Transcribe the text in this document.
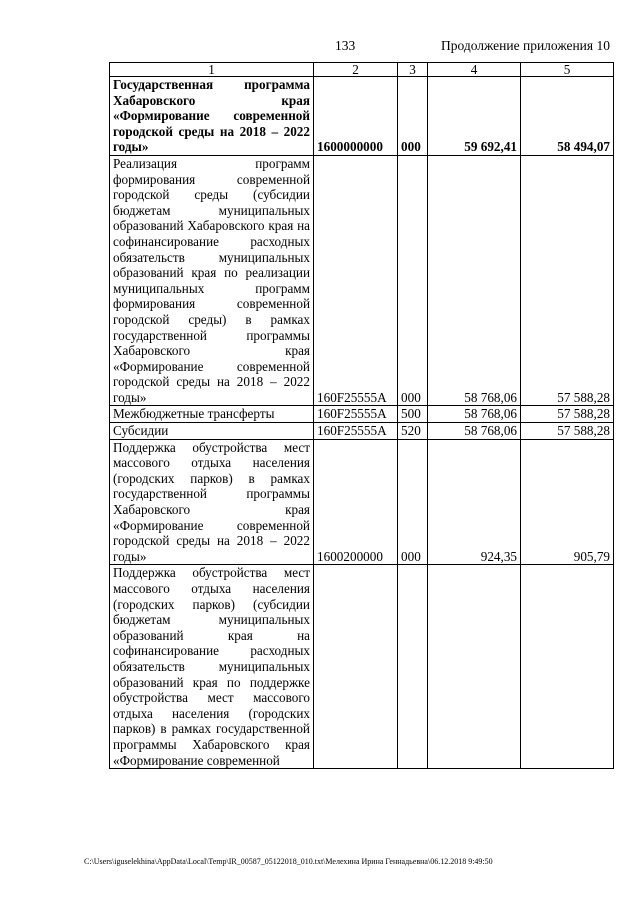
133	Продолжение приложения 10
1	2	3	4	5
Государственная программа Хабаровского края «Формирование современной городской среды на 2018 – 2022 годы»	1600000000	000	59 692,41	58 494,07
Реализация программ формирования современной городской среды (субсидии бюджетам муниципальных образований Хабаровского края на софинансирование расходных обязательств муниципальных образований края по реализации муниципальных программ формирования современной городской среды) в рамках государственной программы Хабаровского края «Формирование современной городской среды на 2018 – 2022 годы»	160F25555А	000	58 768,06	57 588,28
Межбюджетные трансферты	160F25555А	500	58 768,06	57 588,28
Субсидии	160F25555А	520	58 768,06	57 588,28
Поддержка обустройства мест массового отдыха населения (городских парков) в рамках государственной программы Хабаровского края «Формирование современной городской среды на 2018 – 2022 годы»	1600200000	000	924,35	905,79
Поддержка обустройства мест массового отдыха населения (городских парков) (субсидии бюджетам муниципальных образований края на софинансирование расходных обязательств муниципальных образований края по поддержке обустройства мест массового отдыха населения (городских парков) в рамках государственной программы Хабаровского края «Формирование современной				
C:\Users\iguselekhina\AppData\Local\Temp\IR_00587_05122018_010.txt\Мелехина Ирина Геннадьевна\06.12.2018 9:49:50
